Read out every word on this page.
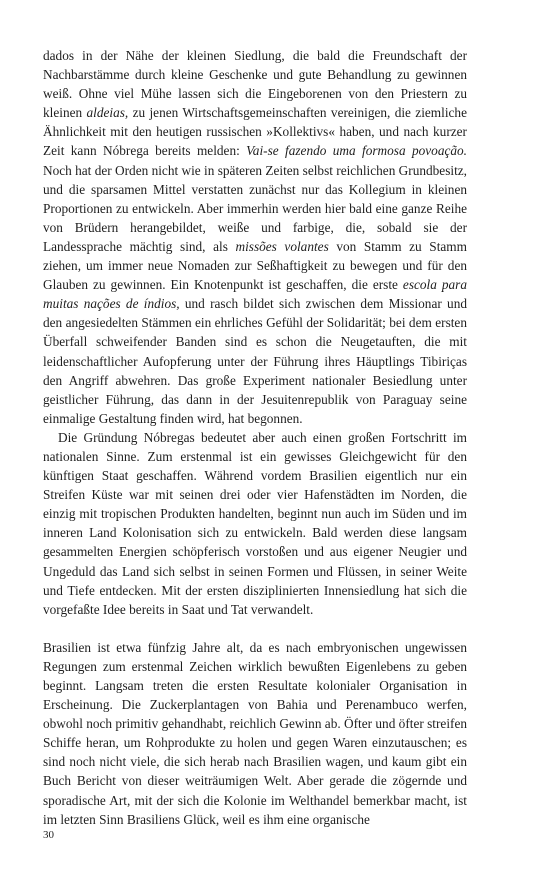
dados in der Nähe der kleinen Siedlung, die bald die Freundschaft der Nachbarstämme durch kleine Geschenke und gute Behandlung zu gewinnen weiß. Ohne viel Mühe lassen sich die Eingeborenen von den Priestern zu kleinen aldeias, zu jenen Wirtschaftsgemeinschaften vereinigen, die ziemliche Ähnlichkeit mit den heutigen russischen »Kollektivs« haben, und nach kurzer Zeit kann Nóbrega bereits melden: Vai-se fazendo uma formosa povoação. Noch hat der Orden nicht wie in späteren Zeiten selbst reichlichen Grundbesitz, und die sparsamen Mittel verstatten zunächst nur das Kollegium in kleinen Proportionen zu entwickeln. Aber immerhin werden hier bald eine ganze Reihe von Brüdern herangebildet, weiße und farbige, die, sobald sie der Landessprache mächtig sind, als missões volantes von Stamm zu Stamm ziehen, um immer neue Nomaden zur Seßhaftigkeit zu bewegen und für den Glauben zu gewinnen. Ein Knotenpunkt ist geschaffen, die erste escola para muitas nações de índios, und rasch bildet sich zwischen dem Missionar und den angesiedelten Stämmen ein ehrliches Gefühl der Solidarität; bei dem ersten Überfall schweifender Banden sind es schon die Neugetauften, die mit leidenschaftlicher Aufopferung unter der Führung ihres Häuptlings Tibiriças den Angriff abwehren. Das große Experiment nationaler Besiedlung unter geistlicher Führung, das dann in der Jesuitenrepublik von Paraguay seine einmalige Gestaltung finden wird, hat begonnen.

Die Gründung Nóbregas bedeutet aber auch einen großen Fortschritt im nationalen Sinne. Zum erstenmal ist ein gewisses Gleichgewicht für den künftigen Staat geschaffen. Während vordem Brasilien eigentlich nur ein Streifen Küste war mit seinen drei oder vier Hafenstädten im Norden, die einzig mit tropischen Produkten handelten, beginnt nun auch im Süden und im inneren Land Kolonisation sich zu entwickeln. Bald werden diese langsam gesammelten Energien schöpferisch vorstoßen und aus eigener Neugier und Ungeduld das Land sich selbst in seinen Formen und Flüssen, in seiner Weite und Tiefe entdecken. Mit der ersten disziplinierten Innensiedlung hat sich die vorgefaßte Idee bereits in Saat und Tat verwandelt.

Brasilien ist etwa fünfzig Jahre alt, da es nach embryonischen ungewissen Regungen zum erstenmal Zeichen wirklich bewußten Eigenlebens zu geben beginnt. Langsam treten die ersten Resultate kolonialer Organisation in Erscheinung. Die Zuckerplantagen von Bahia und Perenambuco werfen, obwohl noch primitiv gehandhabt, reichlich Gewinn ab. Öfter und öfter streifen Schiffe heran, um Rohprodukte zu holen und gegen Waren einzutauschen; es sind noch nicht viele, die sich herab nach Brasilien wagen, und kaum gibt ein Buch Bericht von dieser weiträumigen Welt. Aber gerade die zögernde und sporadische Art, mit der sich die Kolonie im Welthandel bemerkbar macht, ist im letzten Sinn Brasiliens Glück, weil es ihm eine organische

30
